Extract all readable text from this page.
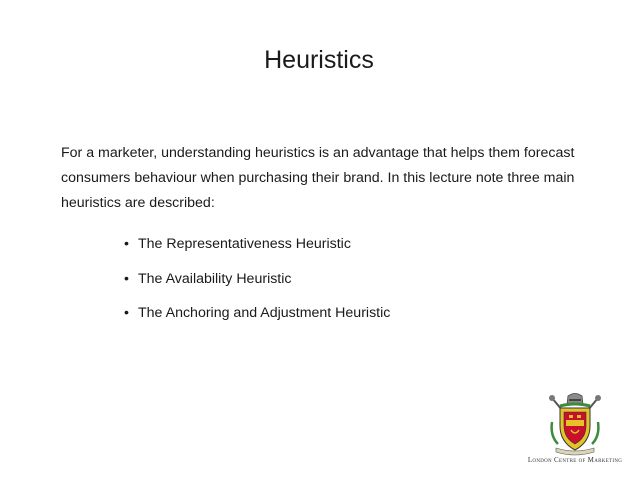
Heuristics
For a marketer, understanding heuristics is an advantage that helps them forecast consumers behaviour when purchasing their brand. In this lecture note three main heuristics are described:
• The Representativeness Heuristic
• The Availability Heuristic
• The Anchoring and Adjustment Heuristic
London Centre of Marketing
